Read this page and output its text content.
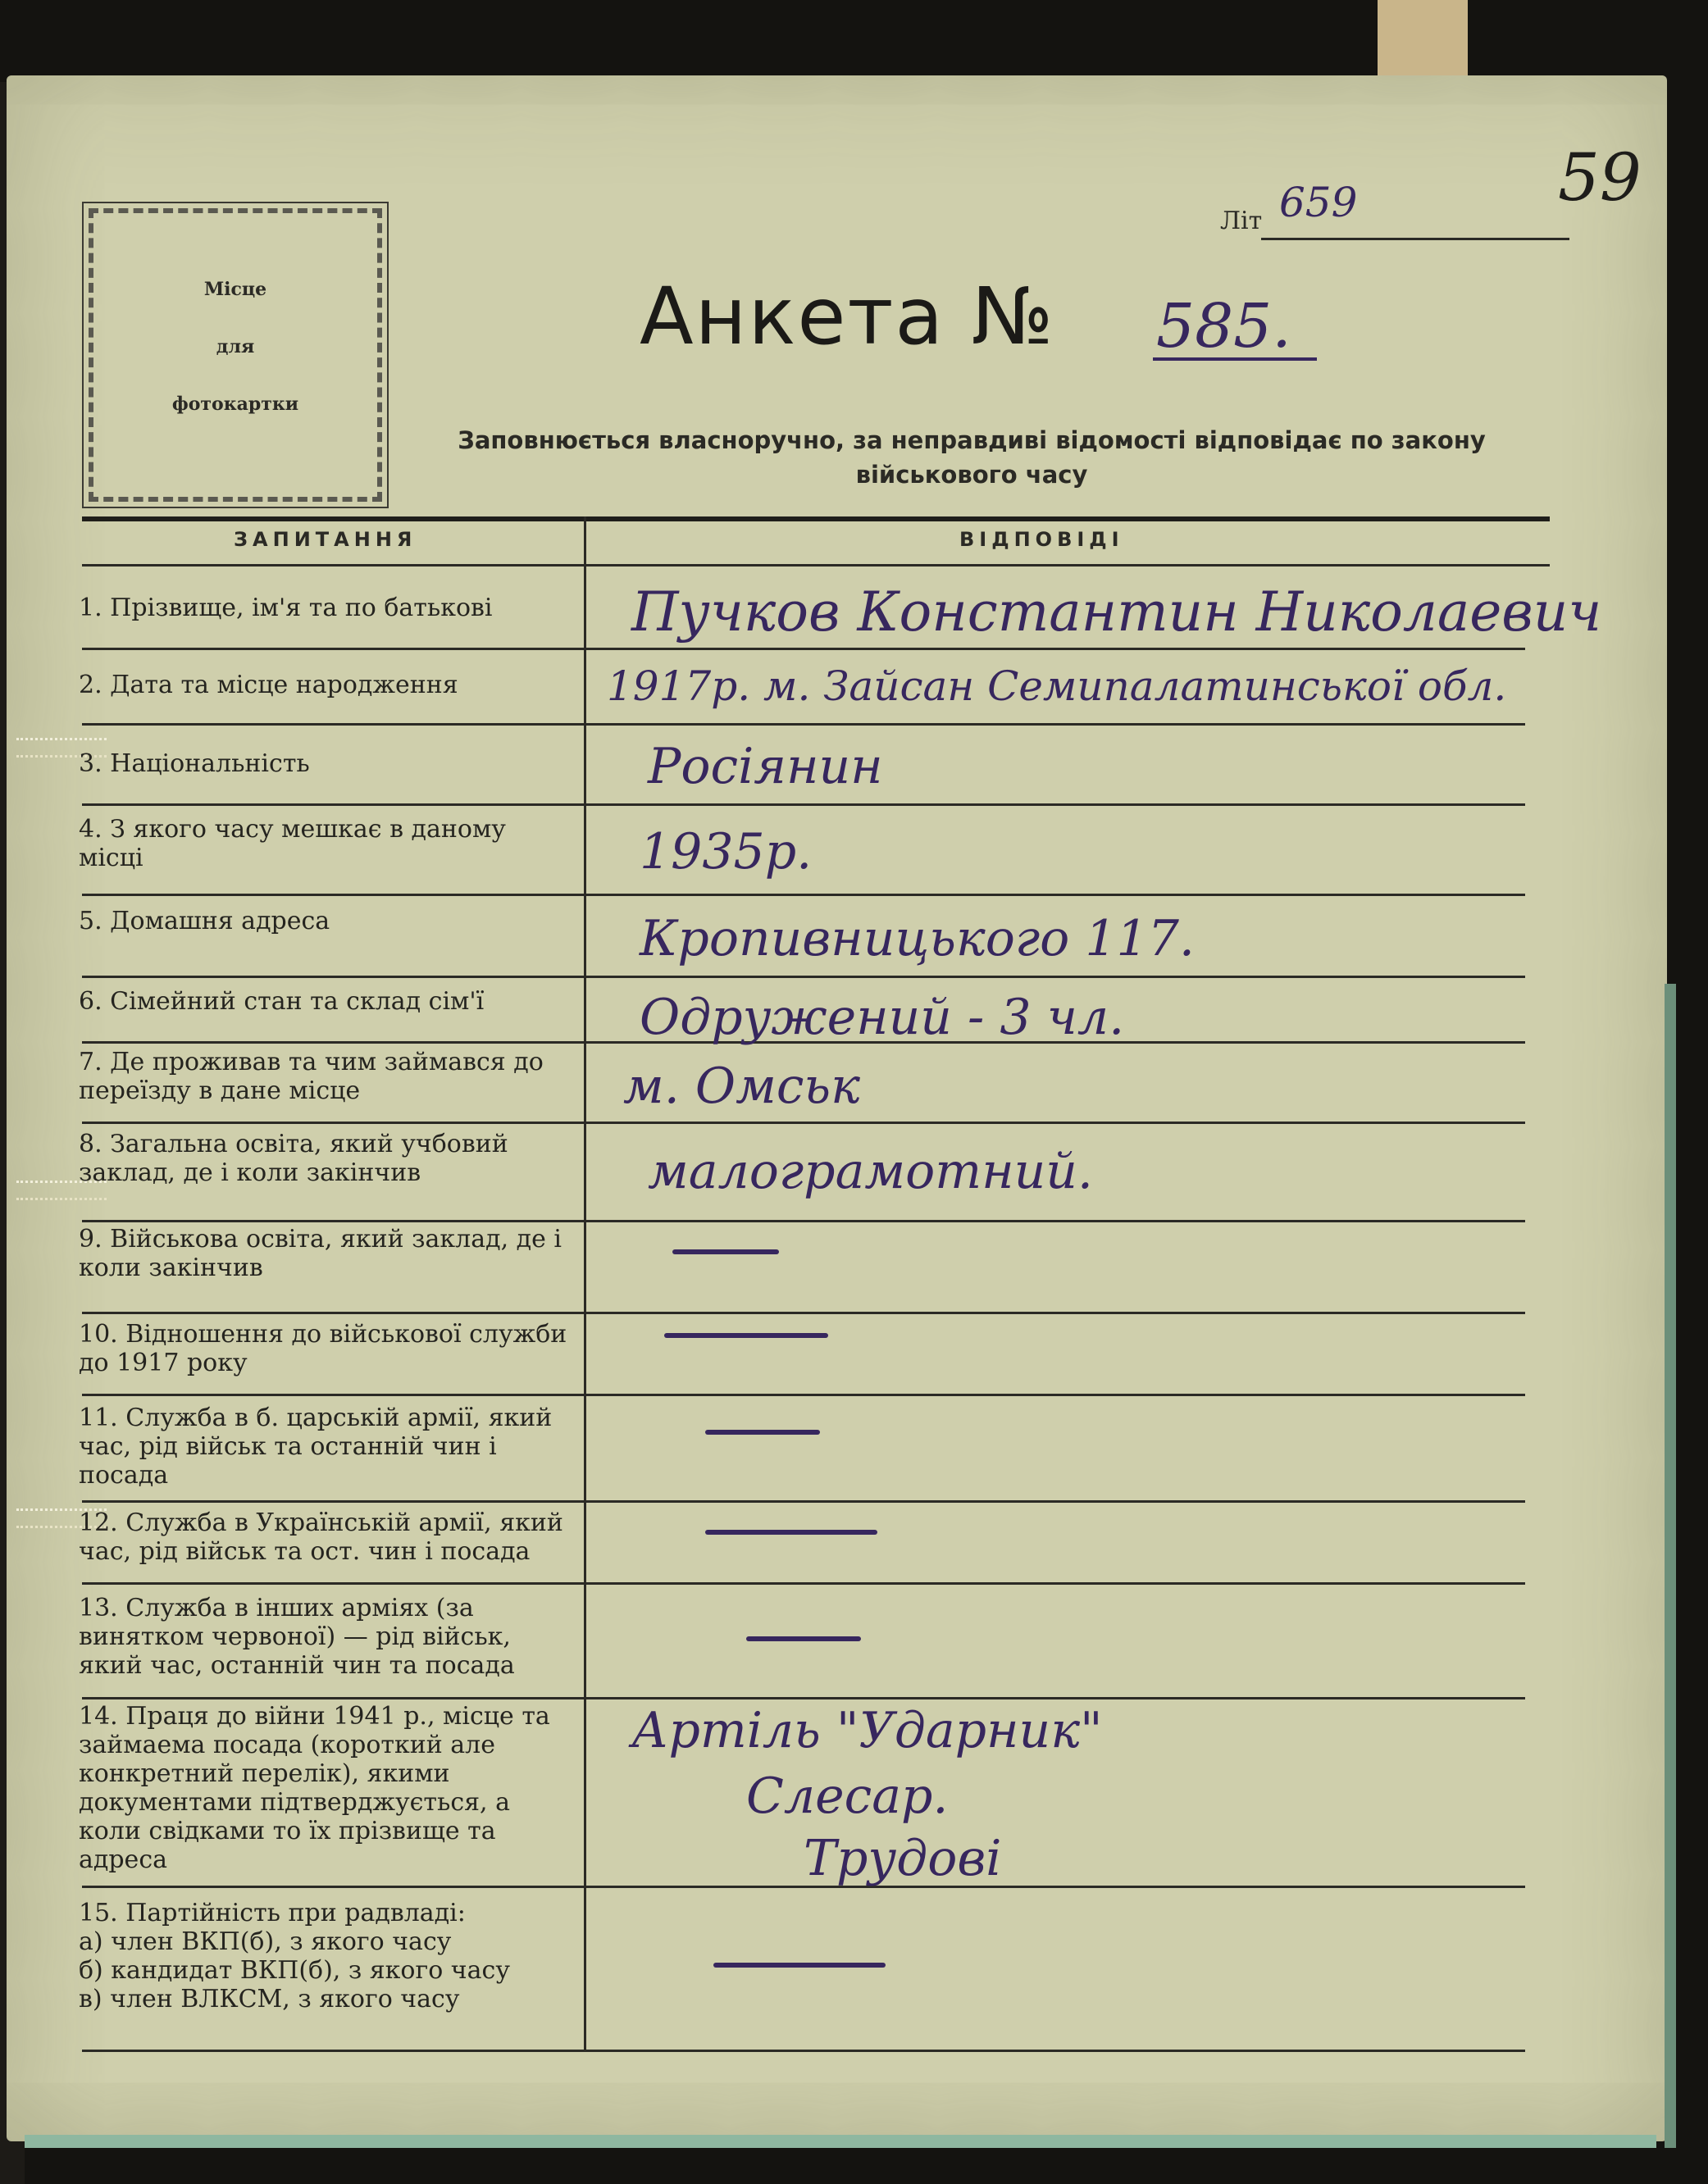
Місце
для
фотокартки
Літ 659	59
Анкета № 585.
Заповнюється власноручно, за неправдиві відомості відповідає по закону
військового часу
ЗАПИТАННЯ	ВІДПОВІДІ
1. Прізвище, ім'я та по батькові
2. Дата та місце народження
3. Національність
4. З якого часу мешкає в даному місці
5. Домашня адреса
6. Сімейний стан та склад сім'ї
7. Де проживав та чим займався до переїзду в дане місце
8. Загальна освіта, який учбовий заклад, де і коли закінчив
9. Військова освіта, який заклад, де і коли закінчив
10. Відношення до військової служби до 1917 року
11. Служба в б. царській армії, який час, рід військ та останній чин і посада
12. Служба в Українській армії, який час, рід військ та ост. чин і посада
13. Служба в інших арміях (за винятком червоної) — рід військ, який час, останній чин та посада
14. Праця до війни 1941 р., місце та займаема посада (короткий але конкретний перелік), якими документами підтверджується, а коли свідками то їх прізвище та адреса
15. Партійність при радвладі:
а) член ВКП(б), з якого часу
б) кандидат ВКП(б), з якого часу
в) член ВЛКСМ, з якого часу
Пучков Константин Николаевич
1917р. м. Зайсан Семипалатинської обл.
Росіянин
1935р.
Кропивницького 117.
Одружений - 3 чл.
м. Омськ
малограмотний.
Артіль "Ударник"
Слесар.
Трудові
